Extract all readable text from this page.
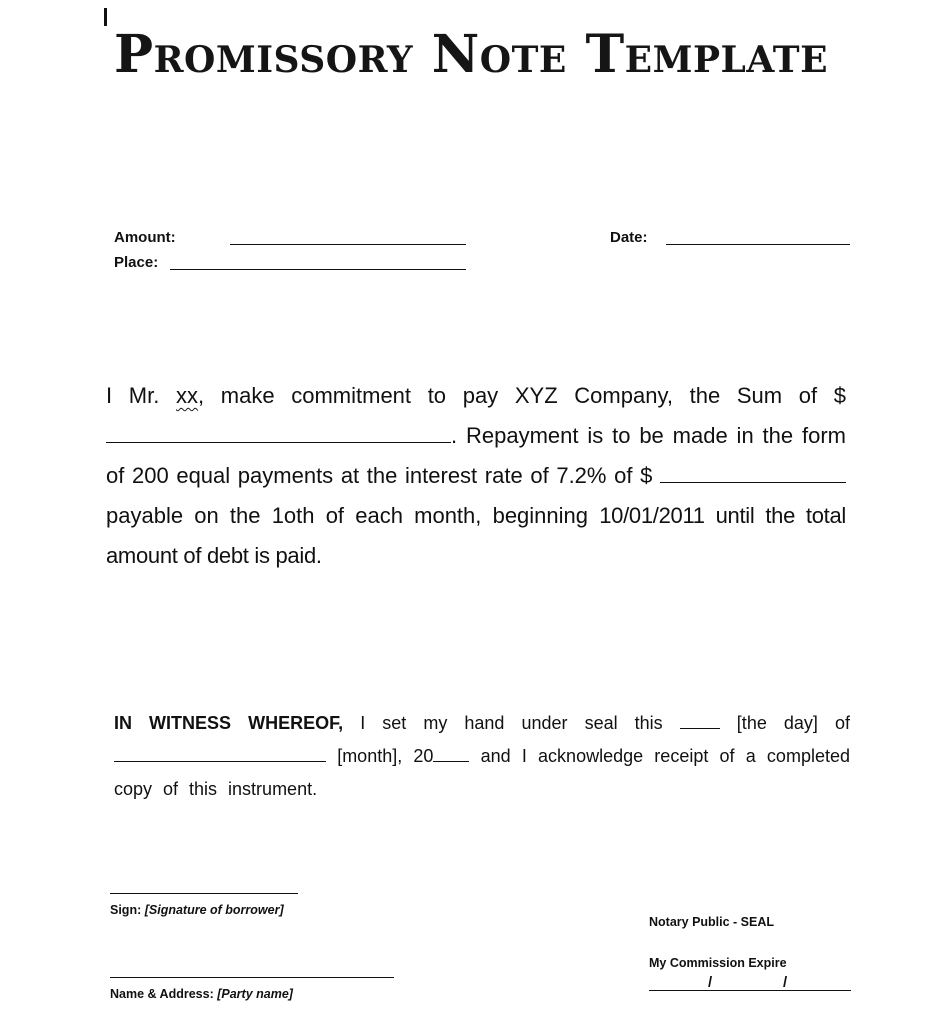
Promissory Note Template
Amount:	Date:
Place:
I Mr. xx, make commitment to pay XYZ Company, the Sum of $ . Repayment is to be made in the form of 200 equal payments at the interest rate of 7.2% of $  payable on the 1oth of each month, beginning 10/01/2011 until the total amount of debt is paid.
IN WITNESS WHEREOF, I set my hand under seal this  [the day] of  [month], 20 and I acknowledge receipt of a completed copy of this instrument.
Sign: [Signature of borrower]
Name & Address: [Party name]
Notary Public - SEAL
My Commission Expire
/	/
